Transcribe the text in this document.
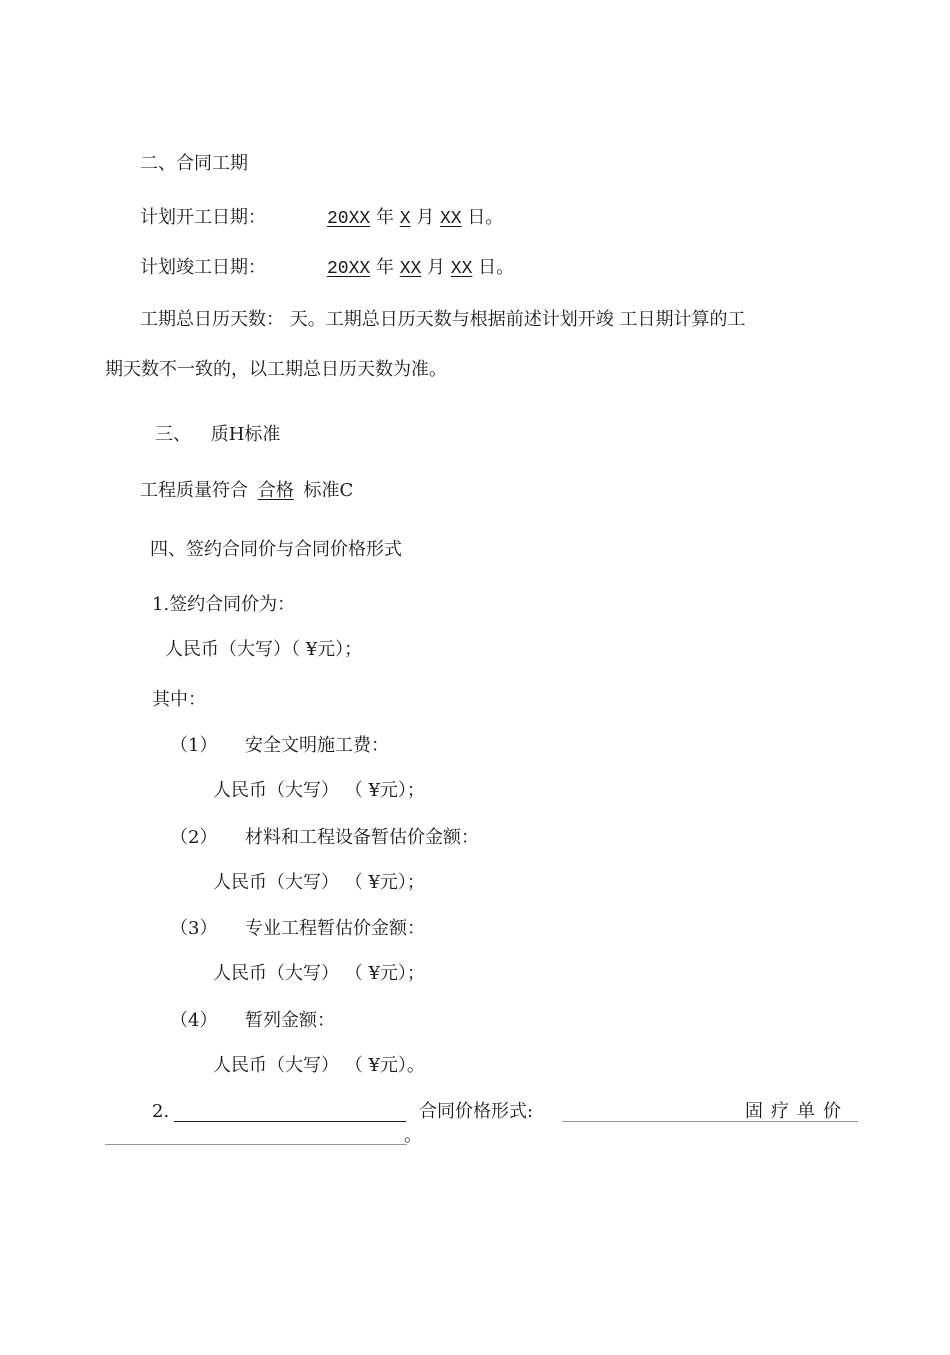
二、合同工期
计划开工日期：	20XX 年 X 月 XX 日。
计划竣工日期：	20XX 年 XX 月 XX 日。
工期总日历天数： 天。工期总日历天数与根据前述计划开竣 工日期计算的工
期天数不一致的，以工期总日历天数为准。
三、 质H标准
工程质量符合 合格 标准C
四、签约合同价与合同价格形式
1.签约合同价为：
人民币（大写）（ ¥元）；
其中：
（1） 安全文明施工费：
人民币（大写） （ ¥元）；
（2） 材料和工程设备暂估价金额：
人民币（大写） （ ¥元）；
（3） 专业工程暂估价金额：
人民币（大写） （ ¥元）；
（4） 暂列金额：
人民币（大写） （ ¥元）。
2.	合同价格形式:	固疗单价
。
